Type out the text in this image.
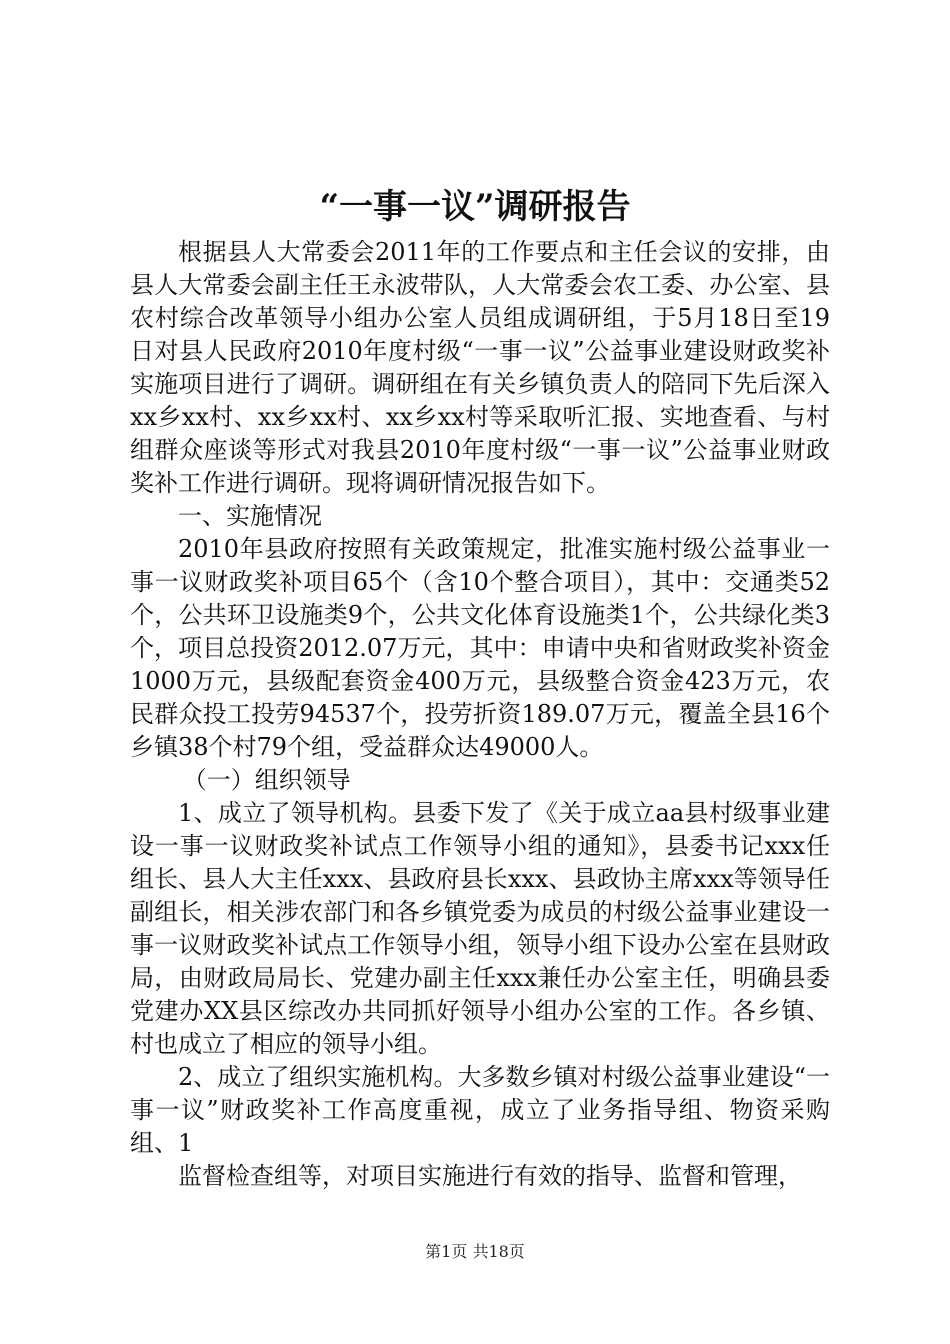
“一事一议”调研报告

根据县人大常委会2011年的工作要点和主任会议的安排，由县人大常委会副主任王永波带队，人大常委会农工委、办公室、县农村综合改革领导小组办公室人员组成调研组，于5月18日至19日对县人民政府2010年度村级“一事一议”公益事业建设财政奖补实施项目进行了调研。调研组在有关乡镇负责人的陪同下先后深入xx乡xx村、xx乡xx村、xx乡xx村等采取听汇报、实地查看、与村组群众座谈等形式对我县2010年度村级“一事一议”公益事业财政奖补工作进行调研。现将调研情况报告如下。

一、实施情况

2010年县政府按照有关政策规定，批准实施村级公益事业一事一议财政奖补项目65个（含10个整合项目），其中：交通类52个，公共环卫设施类9个，公共文化体育设施类1个，公共绿化类3个，项目总投资2012.07万元，其中：申请中央和省财政奖补资金1000万元，县级配套资金400万元，县级整合资金423万元，农民群众投工投劳94537个，投劳折资189.07万元，覆盖全县16个乡镇38个村79个组，受益群众达49000人。

（一）组织领导

1、成立了领导机构。县委下发了《关于成立aa县村级事业建设一事一议财政奖补试点工作领导小组的通知》，县委书记xxx任组长、县人大主任xxx、县政府县长xxx、县政协主席xxx等领导任副组长，相关涉农部门和各乡镇党委为成员的村级公益事业建设一事一议财政奖补试点工作领导小组，领导小组下设办公室在县财政局，由财政局局长、党建办副主任xxx兼任办公室主任，明确县委党建办XX县区综改办共同抓好领导小组办公室的工作。各乡镇、村也成立了相应的领导小组。

2、成立了组织实施机构。大多数乡镇对村级公益事业建设“一事一议”财政奖补工作高度重视，成立了业务指导组、物资采购组、1

监督检查组等，对项目实施进行有效的指导、监督和管理，

第1页 共18页
